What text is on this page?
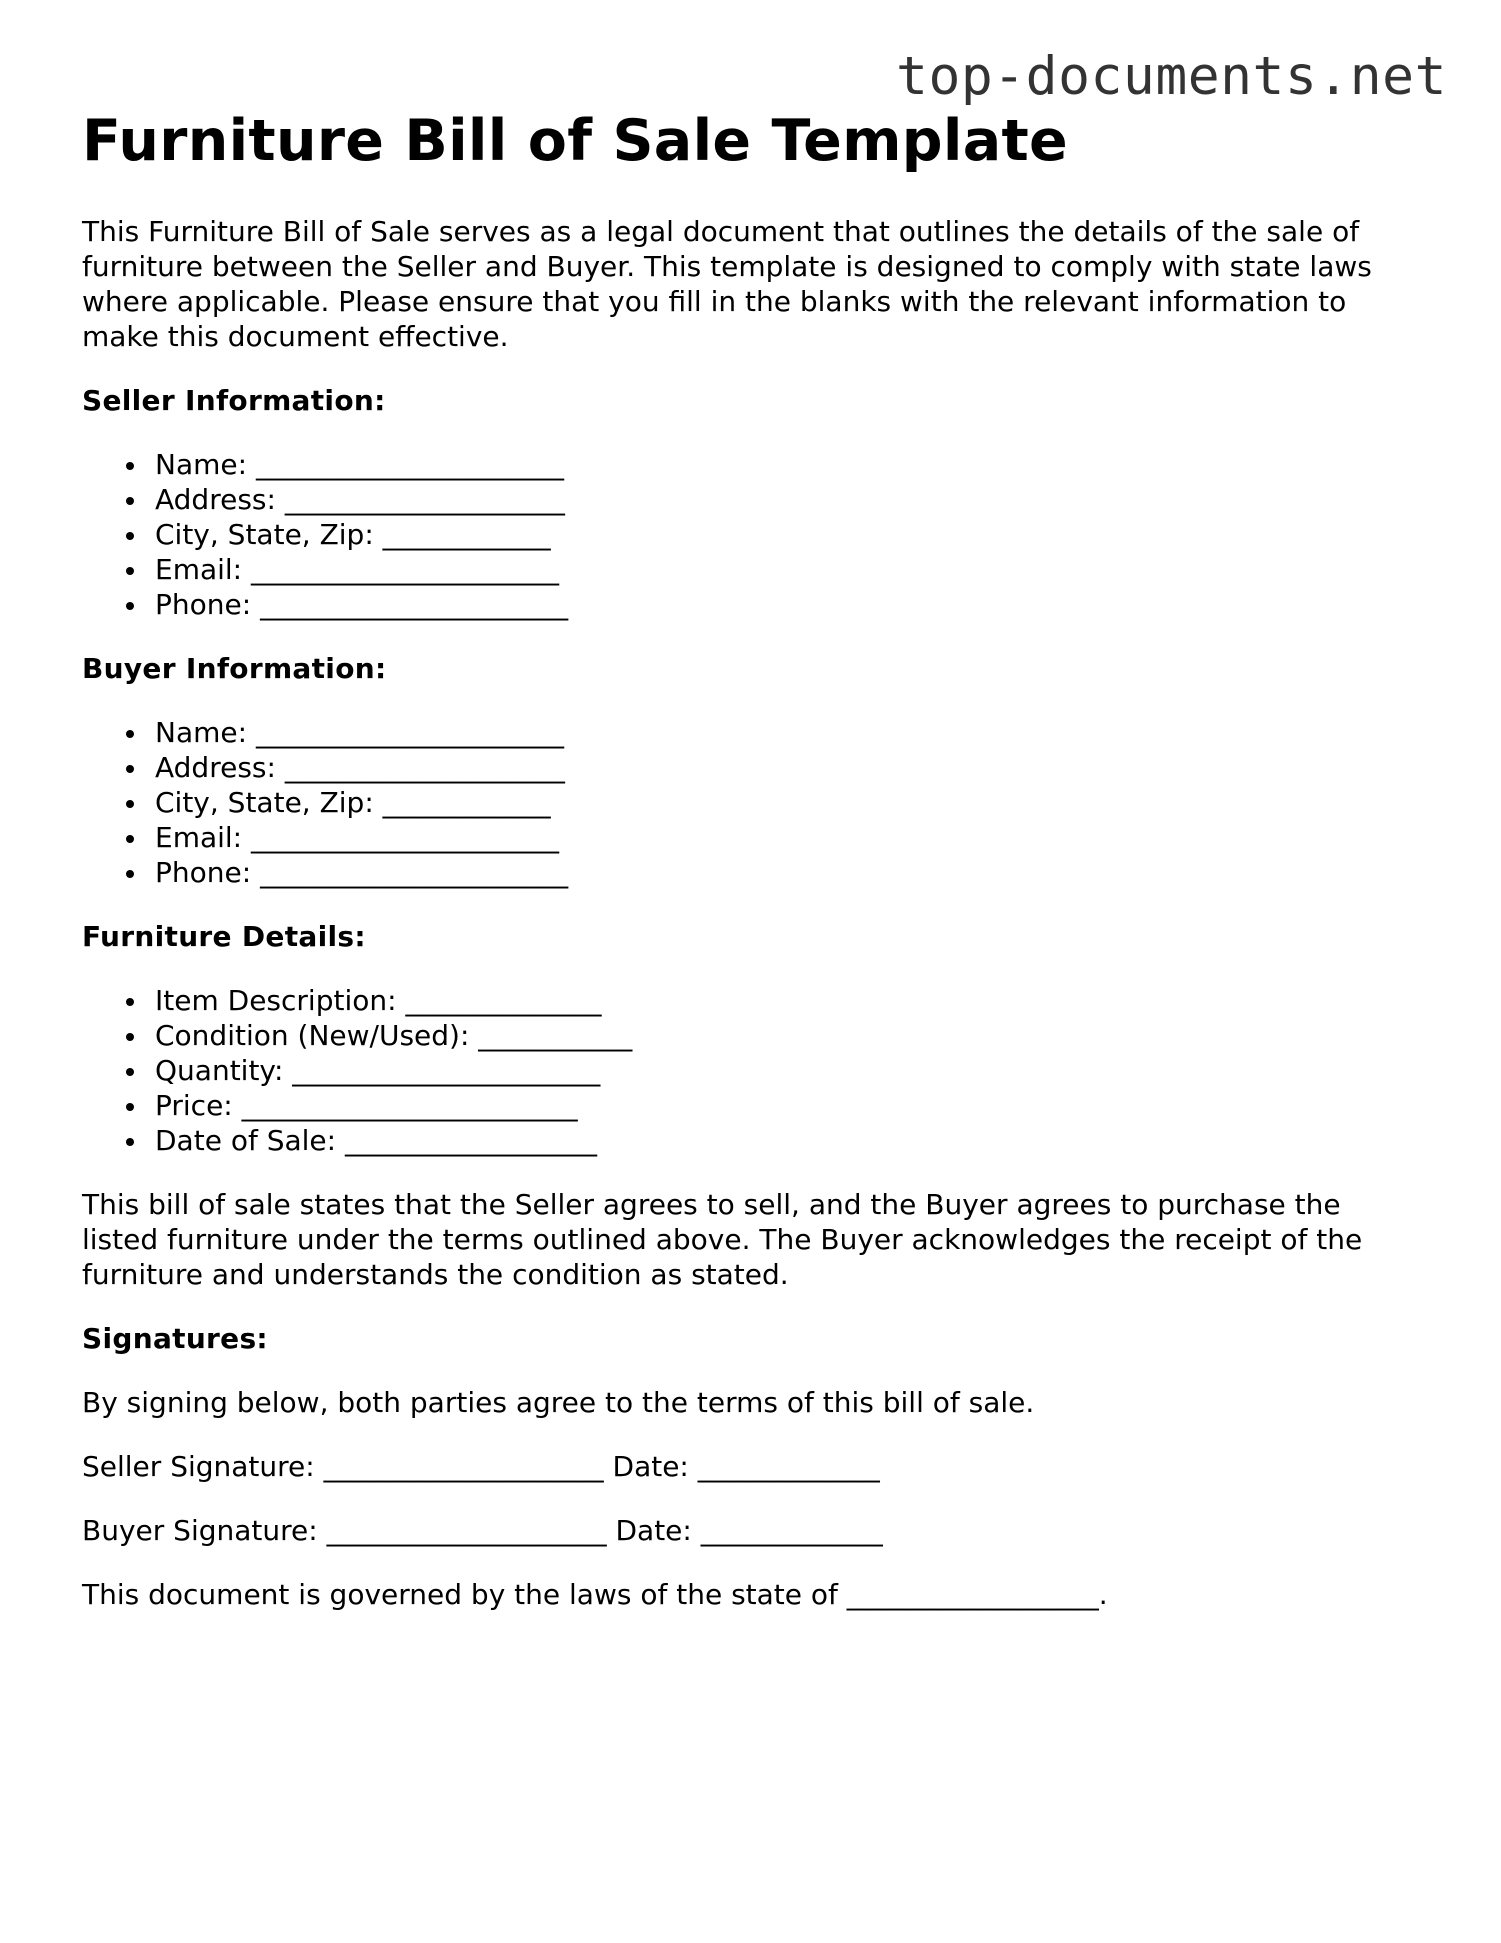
top-documents.net
Furniture Bill of Sale Template

This Furniture Bill of Sale serves as a legal document that outlines the details of the sale of furniture between the Seller and Buyer. This template is designed to comply with state laws where applicable. Please ensure that you fill in the blanks with the relevant information to make this document effective.

Seller Information:
Name: ______________________
Address: ____________________
City, State, Zip: ____________
Email: ______________________
Phone: ______________________
Buyer Information:
Name: ______________________
Address: ____________________
City, State, Zip: ____________
Email: ______________________
Phone: ______________________
Furniture Details:
Item Description: ______________
Condition (New/Used): ___________
Quantity: ______________________
Price: ________________________
Date of Sale: __________________

This bill of sale states that the Seller agrees to sell, and the Buyer agrees to purchase the listed furniture under the terms outlined above. The Buyer acknowledges the receipt of the furniture and understands the condition as stated.

Signatures:

By signing below, both parties agree to the terms of this bill of sale.

Seller Signature: ____________________ Date: _____________

Buyer Signature: ____________________ Date: _____________

This document is governed by the laws of the state of __________________.
